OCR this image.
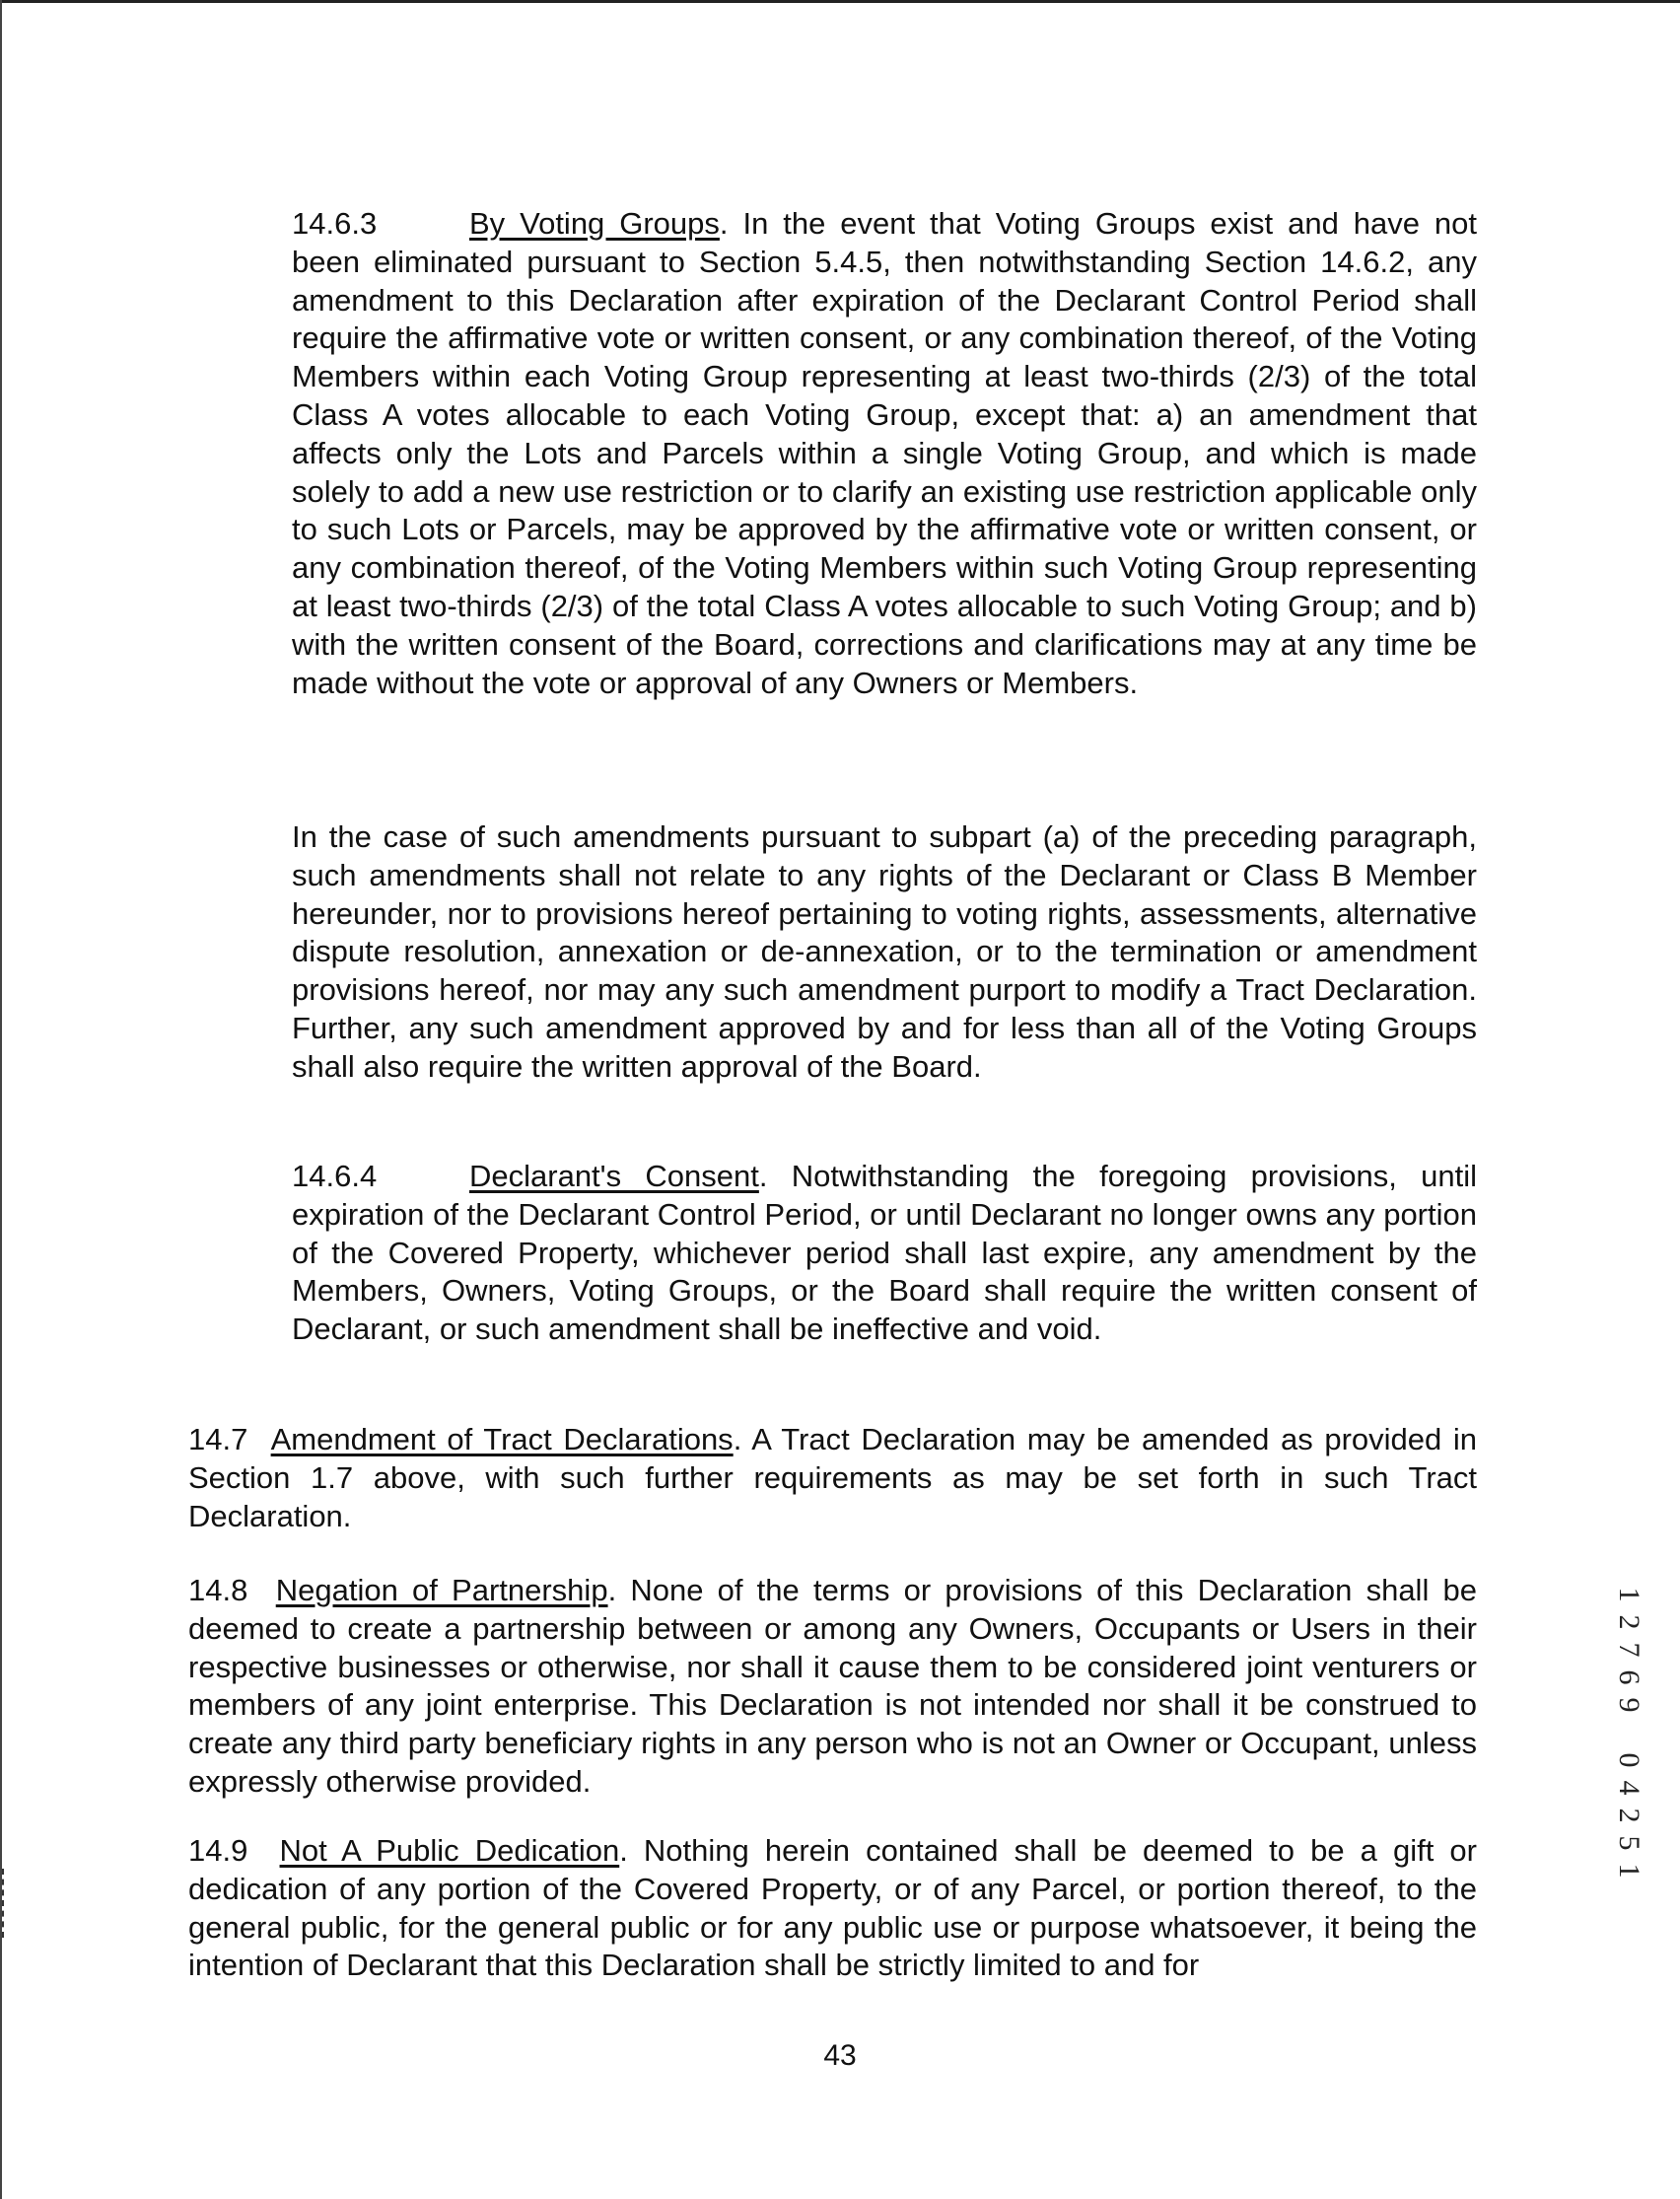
14.6.3	By Voting Groups. In the event that Voting Groups exist and have not been eliminated pursuant to Section 5.4.5, then notwithstanding Section 14.6.2, any amendment to this Declaration after expiration of the Declarant Control Period shall require the affirmative vote or written consent, or any combination thereof, of the Voting Members within each Voting Group representing at least two-thirds (2/3) of the total Class A votes allocable to each Voting Group, except that: a) an amendment that affects only the Lots and Parcels within a single Voting Group, and which is made solely to add a new use restriction or to clarify an existing use restriction applicable only to such Lots or Parcels, may be approved by the affirmative vote or written consent, or any combination thereof, of the Voting Members within such Voting Group representing at least two-thirds (2/3) of the total Class A votes allocable to such Voting Group; and b) with the written consent of the Board, corrections and clarifications may at any time be made without the vote or approval of any Owners or Members.

In the case of such amendments pursuant to subpart (a) of the preceding paragraph, such amendments shall not relate to any rights of the Declarant or Class B Member hereunder, nor to provisions hereof pertaining to voting rights, assessments, alternative dispute resolution, annexation or de-annexation, or to the termination or amendment provisions hereof, nor may any such amendment purport to modify a Tract Declaration. Further, any such amendment approved by and for less than all of the Voting Groups shall also require the written approval of the Board.

14.6.4	Declarant's Consent. Notwithstanding the foregoing provisions, until expiration of the Declarant Control Period, or until Declarant no longer owns any portion of the Covered Property, whichever period shall last expire, any amendment by the Members, Owners, Voting Groups, or the Board shall require the written consent of Declarant, or such amendment shall be ineffective and void.

14.7 Amendment of Tract Declarations. A Tract Declaration may be amended as provided in Section 1.7 above, with such further requirements as may be set forth in such Tract Declaration.

14.8 Negation of Partnership. None of the terms or provisions of this Declaration shall be deemed to create a partnership between or among any Owners, Occupants or Users in their respective businesses or otherwise, nor shall it cause them to be considered joint venturers or members of any joint enterprise. This Declaration is not intended nor shall it be construed to create any third party beneficiary rights in any person who is not an Owner or Occupant, unless expressly otherwise provided.

14.9 Not A Public Dedication. Nothing herein contained shall be deemed to be a gift or dedication of any portion of the Covered Property, or of any Parcel, or portion thereof, to the general public, for the general public or for any public use or purpose whatsoever, it being the intention of Declarant that this Declaration shall be strictly limited to and for

43
1
2
7
6
9

0
4
2
5
1
